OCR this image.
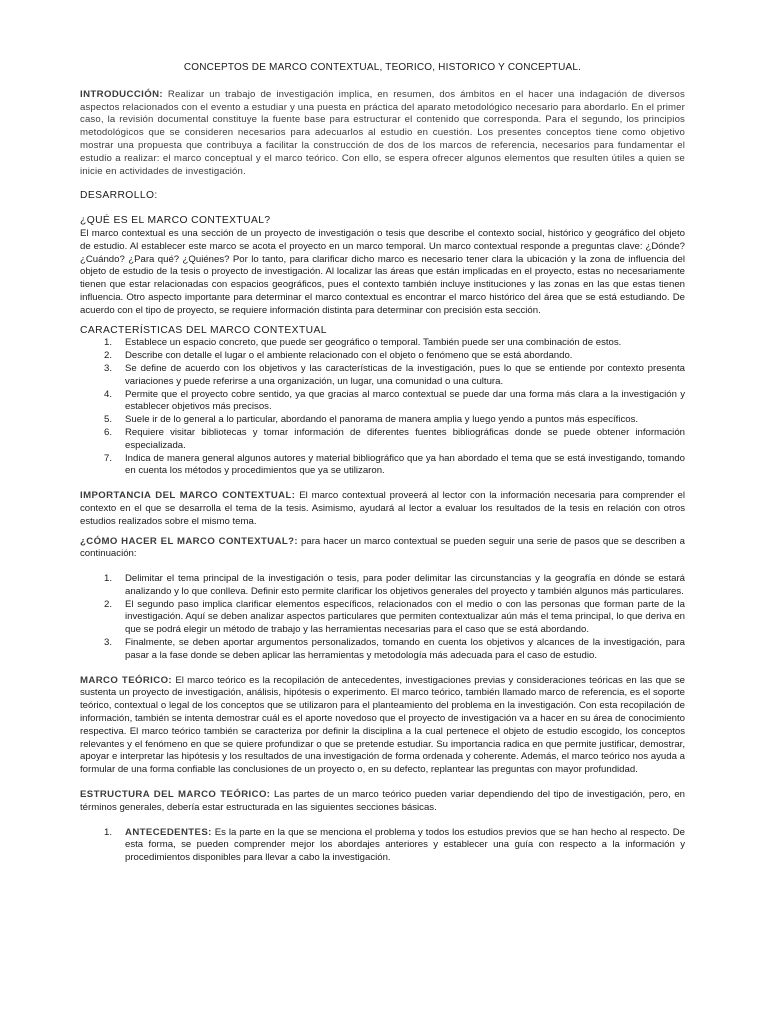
CONCEPTOS DE MARCO CONTEXTUAL, TEORICO, HISTORICO Y CONCEPTUAL.

INTRODUCCIÓN: Realizar un trabajo de investigación implica, en resumen, dos ámbitos en el hacer una indagación de diversos aspectos relacionados con el evento a estudiar y una puesta en práctica del aparato metodológico necesario para abordarlo. En el primer caso, la revisión documental constituye la fuente base para estructurar el contenido que corresponda. Para el segundo, los principios metodológicos que se consideren necesarios para adecuarlos al estudio en cuestión. Los presentes conceptos tiene como objetivo mostrar una propuesta que contribuya a facilitar la construcción de dos de los marcos de referencia, necesarios para fundamentar el estudio a realizar: el marco conceptual y el marco teórico. Con ello, se espera ofrecer algunos elementos que resulten útiles a quien se inicie en actividades de investigación.

DESARROLLO:
¿QUÉ ES EL MARCO CONTEXTUAL?

El marco contextual es una sección de un proyecto de investigación o tesis que describe el contexto social, histórico y geográfico del objeto de estudio. Al establecer este marco se acota el proyecto en un marco temporal. Un marco contextual responde a preguntas clave: ¿Dónde? ¿Cuándo? ¿Para qué? ¿Quiénes? Por lo tanto, para clarificar dicho marco es necesario tener clara la ubicación y la zona de influencia del objeto de estudio de la tesis o proyecto de investigación. Al localizar las áreas que están implicadas en el proyecto, estas no necesariamente tienen que estar relacionadas con espacios geográficos, pues el contexto también incluye instituciones y las zonas en las que estas tienen influencia. Otro aspecto importante para determinar el marco contextual es encontrar el marco histórico del área que se está estudiando. De acuerdo con el tipo de proyecto, se requiere información distinta para determinar con precisión esta sección.

CARACTERÍSTICAS DEL MARCO CONTEXTUAL
1. Establece un espacio concreto, que puede ser geográfico o temporal. También puede ser una combinación de estos.
2. Describe con detalle el lugar o el ambiente relacionado con el objeto o fenómeno que se está abordando.
3. Se define de acuerdo con los objetivos y las características de la investigación, pues lo que se entiende por contexto presenta variaciones y puede referirse a una organización, un lugar, una comunidad o una cultura.
4. Permite que el proyecto cobre sentido, ya que gracias al marco contextual se puede dar una forma más clara a la investigación y establecer objetivos más precisos.
5. Suele ir de lo general a lo particular, abordando el panorama de manera amplia y luego yendo a puntos más específicos.
6. Requiere visitar bibliotecas y tomar información de diferentes fuentes bibliográficas donde se puede obtener información especializada.
7. Indica de manera general algunos autores y material bibliográfico que ya han abordado el tema que se está investigando, tomando en cuenta los métodos y procedimientos que ya se utilizaron.

IMPORTANCIA DEL MARCO CONTEXTUAL: El marco contextual proveerá al lector con la información necesaria para comprender el contexto en el que se desarrolla el tema de la tesis. Asimismo, ayudará al lector a evaluar los resultados de la tesis en relación con otros estudios realizados sobre el mismo tema.

¿CÓMO HACER EL MARCO CONTEXTUAL?: para hacer un marco contextual se pueden seguir una serie de pasos que se describen a continuación:

1. Delimitar el tema principal de la investigación o tesis, para poder delimitar las circunstancias y la geografía en dónde se estará analizando y lo que conlleva. Definir esto permite clarificar los objetivos generales del proyecto y también algunos más particulares.
2. El segundo paso implica clarificar elementos específicos, relacionados con el medio o con las personas que forman parte de la investigación. Aquí se deben analizar aspectos particulares que permiten contextualizar aún más el tema principal, lo que deriva en que se podrá elegir un método de trabajo y las herramientas necesarias para el caso que se está abordando.
3. Finalmente, se deben aportar argumentos personalizados, tomando en cuenta los objetivos y alcances de la investigación, para pasar a la fase donde se deben aplicar las herramientas y metodología más adecuada para el caso de estudio.

MARCO TEÓRICO: El marco teórico es la recopilación de antecedentes, investigaciones previas y consideraciones teóricas en las que se sustenta un proyecto de investigación, análisis, hipótesis o experimento. El marco teórico, también llamado marco de referencia, es el soporte teórico, contextual o legal de los conceptos que se utilizaron para el planteamiento del problema en la investigación. Con esta recopilación de información, también se intenta demostrar cuál es el aporte novedoso que el proyecto de investigación va a hacer en su área de conocimiento respectiva. El marco teórico también se caracteriza por definir la disciplina a la cual pertenece el objeto de estudio escogido, los conceptos relevantes y el fenómeno en que se quiere profundizar o que se pretende estudiar. Su importancia radica en que permite justificar, demostrar, apoyar e interpretar las hipótesis y los resultados de una investigación de forma ordenada y coherente. Además, el marco teórico nos ayuda a formular de una forma confiable las conclusiones de un proyecto o, en su defecto, replantear las preguntas con mayor profundidad.

ESTRUCTURA DEL MARCO TEÓRICO: Las partes de un marco teórico pueden variar dependiendo del tipo de investigación, pero, en términos generales, debería estar estructurada en las siguientes secciones básicas.

1. ANTECEDENTES: Es la parte en la que se menciona el problema y todos los estudios previos que se han hecho al respecto. De esta forma, se pueden comprender mejor los abordajes anteriores y establecer una guía con respecto a la información y procedimientos disponibles para llevar a cabo la investigación.
